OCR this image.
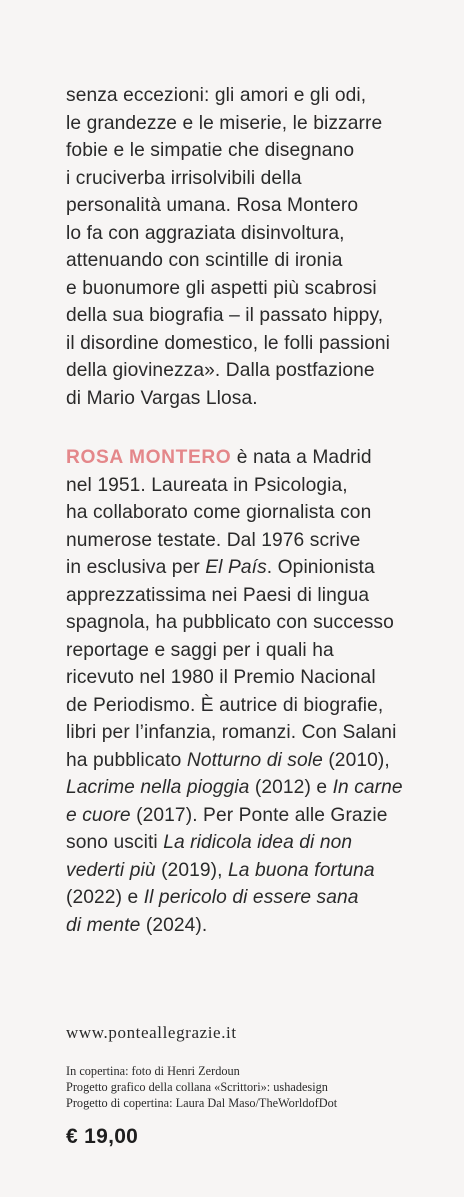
senza eccezioni: gli amori e gli odi,
le grandezze e le miserie, le bizzarre
fobie e le simpatie che disegnano
i cruciverba irrisolvibili della
personalità umana. Rosa Montero
lo fa con aggraziata disinvoltura,
attenuando con scintille di ironia
e buonumore gli aspetti più scabrosi
della sua biografia – il passato hippy,
il disordine domestico, le folli passioni
della giovinezza». Dalla postfazione
di Mario Vargas Llosa.
ROSA MONTERO è nata a Madrid
nel 1951. Laureata in Psicologia,
ha collaborato come giornalista con
numerose testate. Dal 1976 scrive
in esclusiva per El País. Opinionista
apprezzatissima nei Paesi di lingua
spagnola, ha pubblicato con successo
reportage e saggi per i quali ha
ricevuto nel 1980 il Premio Nacional
de Periodismo. È autrice di biografie,
libri per l’infanzia, romanzi. Con Salani
ha pubblicato Notturno di sole (2010),
Lacrime nella pioggia (2012) e In carne
e cuore (2017). Per Ponte alle Grazie
sono usciti La ridicola idea di non
vederti più (2019), La buona fortuna
(2022) e Il pericolo di essere sana
di mente (2024).
www.ponteallegrazie.it
In copertina: foto di Henri Zerdoun
Progetto grafico della collana «Scrittori»: ushadesign
Progetto di copertina: Laura Dal Maso/TheWorldofDot
€ 19,00
